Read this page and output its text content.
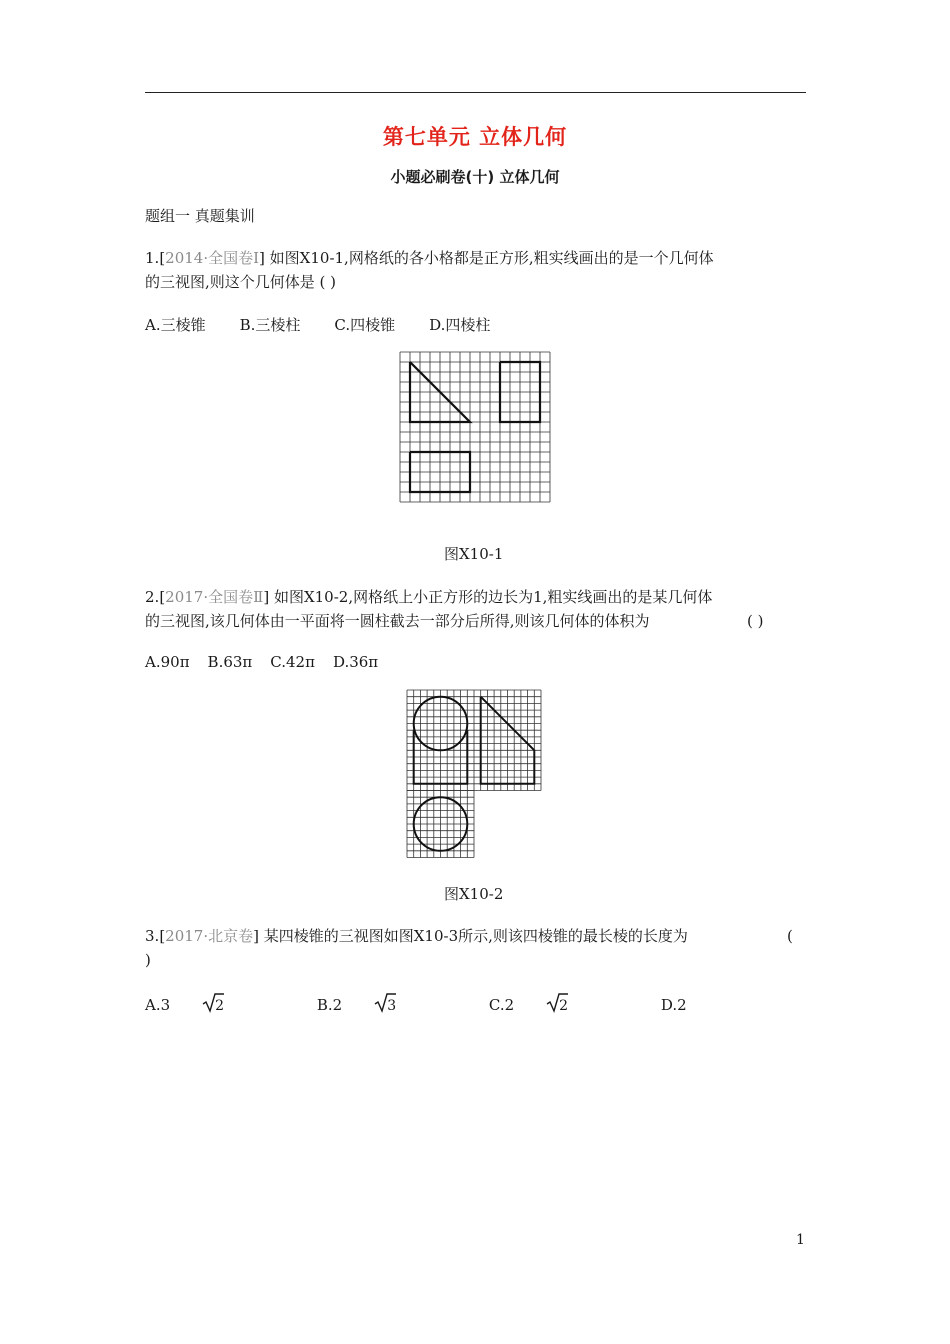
第七单元 立体几何
小题必刷卷(十) 立体几何
题组一 真题集训
1.[2014·全国卷Ⅰ] 如图X10-1,网格纸的各小格都是正方形,粗实线画出的是一个几何体
的三视图,则这个几何体是 ( )
A.三棱锥 B.三棱柱 C.四棱锥 D.四棱柱
图X10-1
2.[2017·全国卷Ⅱ] 如图X10-2,网格纸上小正方形的边长为1,粗实线画出的是某几何体
的三视图,该几何体由一平面将一圆柱截去一部分后所得,则该几何体的体积为	( )
A.90π B.63π C.42π D.36π
图X10-2
3.[2017·北京卷] 某四棱锥的三视图如图X10-3所示,则该四棱锥的最长棱的长度为	(
)
A.3	2	B.2	3	C.2	2	D.2
1
